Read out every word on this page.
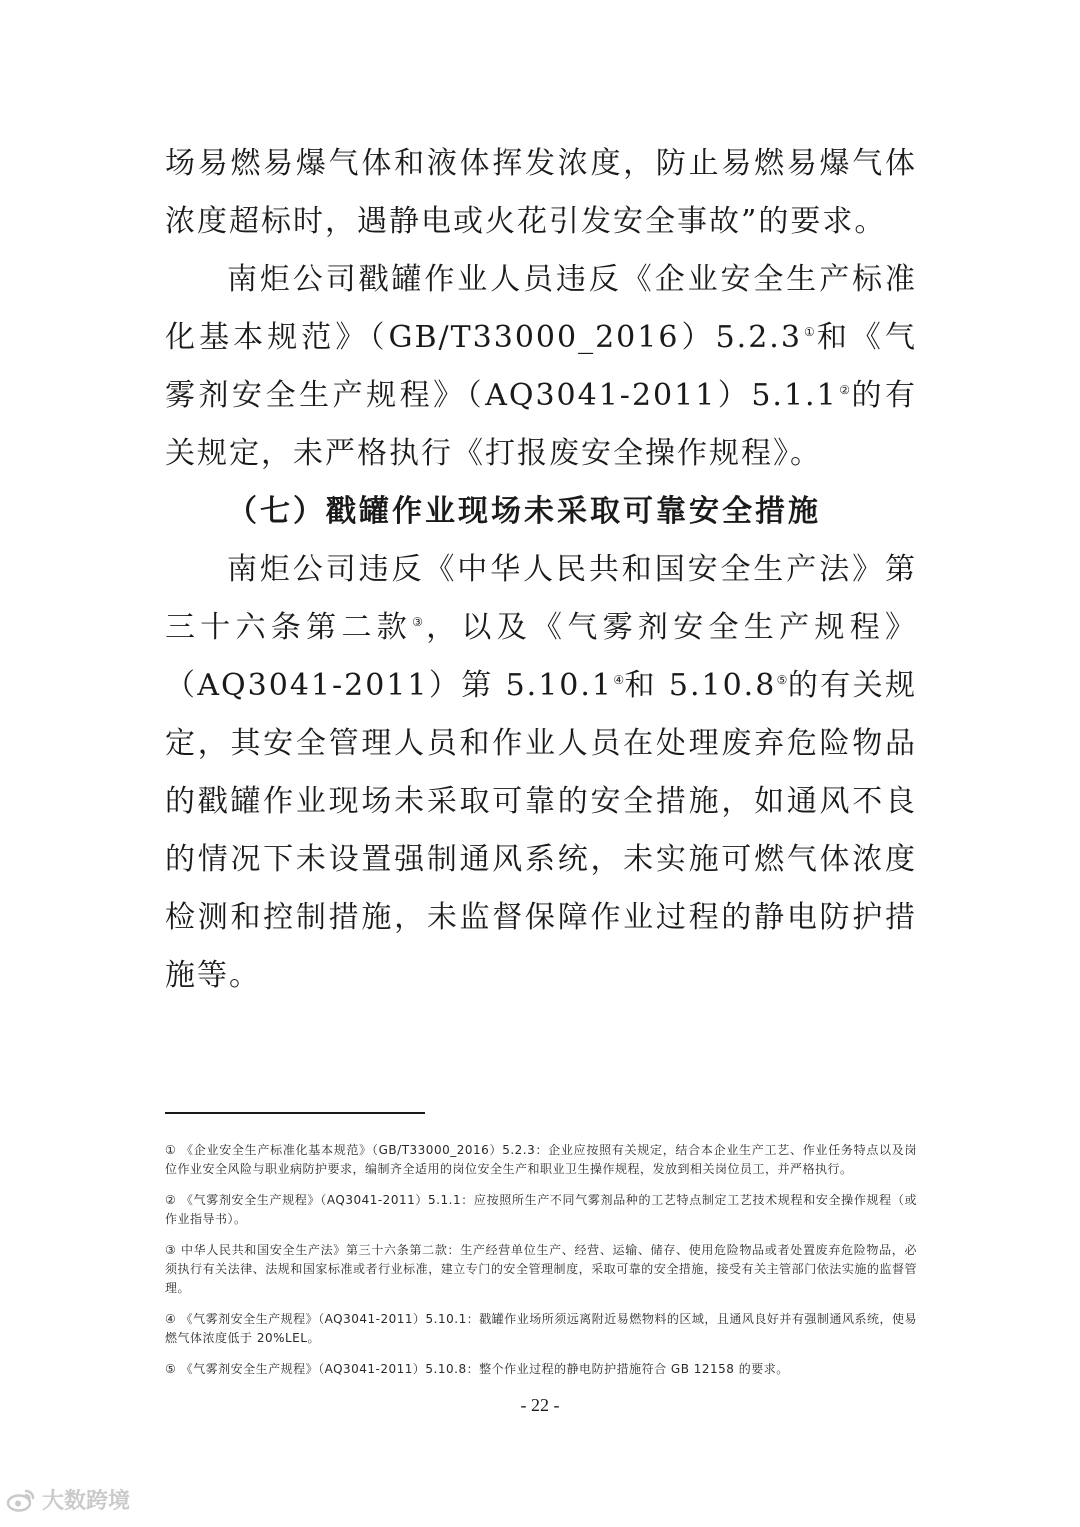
场易燃易爆气体和液体挥发浓度，防止易燃易爆气体浓度超标时，遇静电或火花引发安全事故”的要求。

南炬公司戳罐作业人员违反《企业安全生产标准化基本规范》（GB/T33000_2016）5.2.3①和《气雾剂安全生产规程》（AQ3041-2011）5.1.1②的有关规定，未严格执行《打报废安全操作规程》。

（七）戳罐作业现场未采取可靠安全措施

南炬公司违反《中华人民共和国安全生产法》第三十六条第二款③，以及《气雾剂安全生产规程》（AQ3041-2011）第 5.10.1④和 5.10.8⑤的有关规定，其安全管理人员和作业人员在处理废弃危险物品的戳罐作业现场未采取可靠的安全措施，如通风不良的情况下未设置强制通风系统，未实施可燃气体浓度检测和控制措施，未监督保障作业过程的静电防护措施等。

① 《企业安全生产标准化基本规范》（GB/T33000_2016）5.2.3：企业应按照有关规定，结合本企业生产工艺、作业任务特点以及岗位作业安全风险与职业病防护要求，编制齐全适用的岗位安全生产和职业卫生操作规程，发放到相关岗位员工，并严格执行。

② 《气雾剂安全生产规程》（AQ3041-2011）5.1.1：应按照所生产不同气雾剂品种的工艺特点制定工艺技术规程和安全操作规程（或作业指导书）。

③ 中华人民共和国安全生产法》第三十六条第二款：生产经营单位生产、经营、运输、储存、使用危险物品或者处置废弃危险物品，必须执行有关法律、法规和国家标准或者行业标准，建立专门的安全管理制度，采取可靠的安全措施，接受有关主管部门依法实施的监督管理。

④ 《气雾剂安全生产规程》（AQ3041-2011）5.10.1：戳罐作业场所须远离附近易燃物料的区域，且通风良好并有强制通风系统，使易燃气体浓度低于 20%LEL。

⑤ 《气雾剂安全生产规程》（AQ3041-2011）5.10.8：整个作业过程的静电防护措施符合 GB 12158 的要求。

- 22 -
大数跨境
